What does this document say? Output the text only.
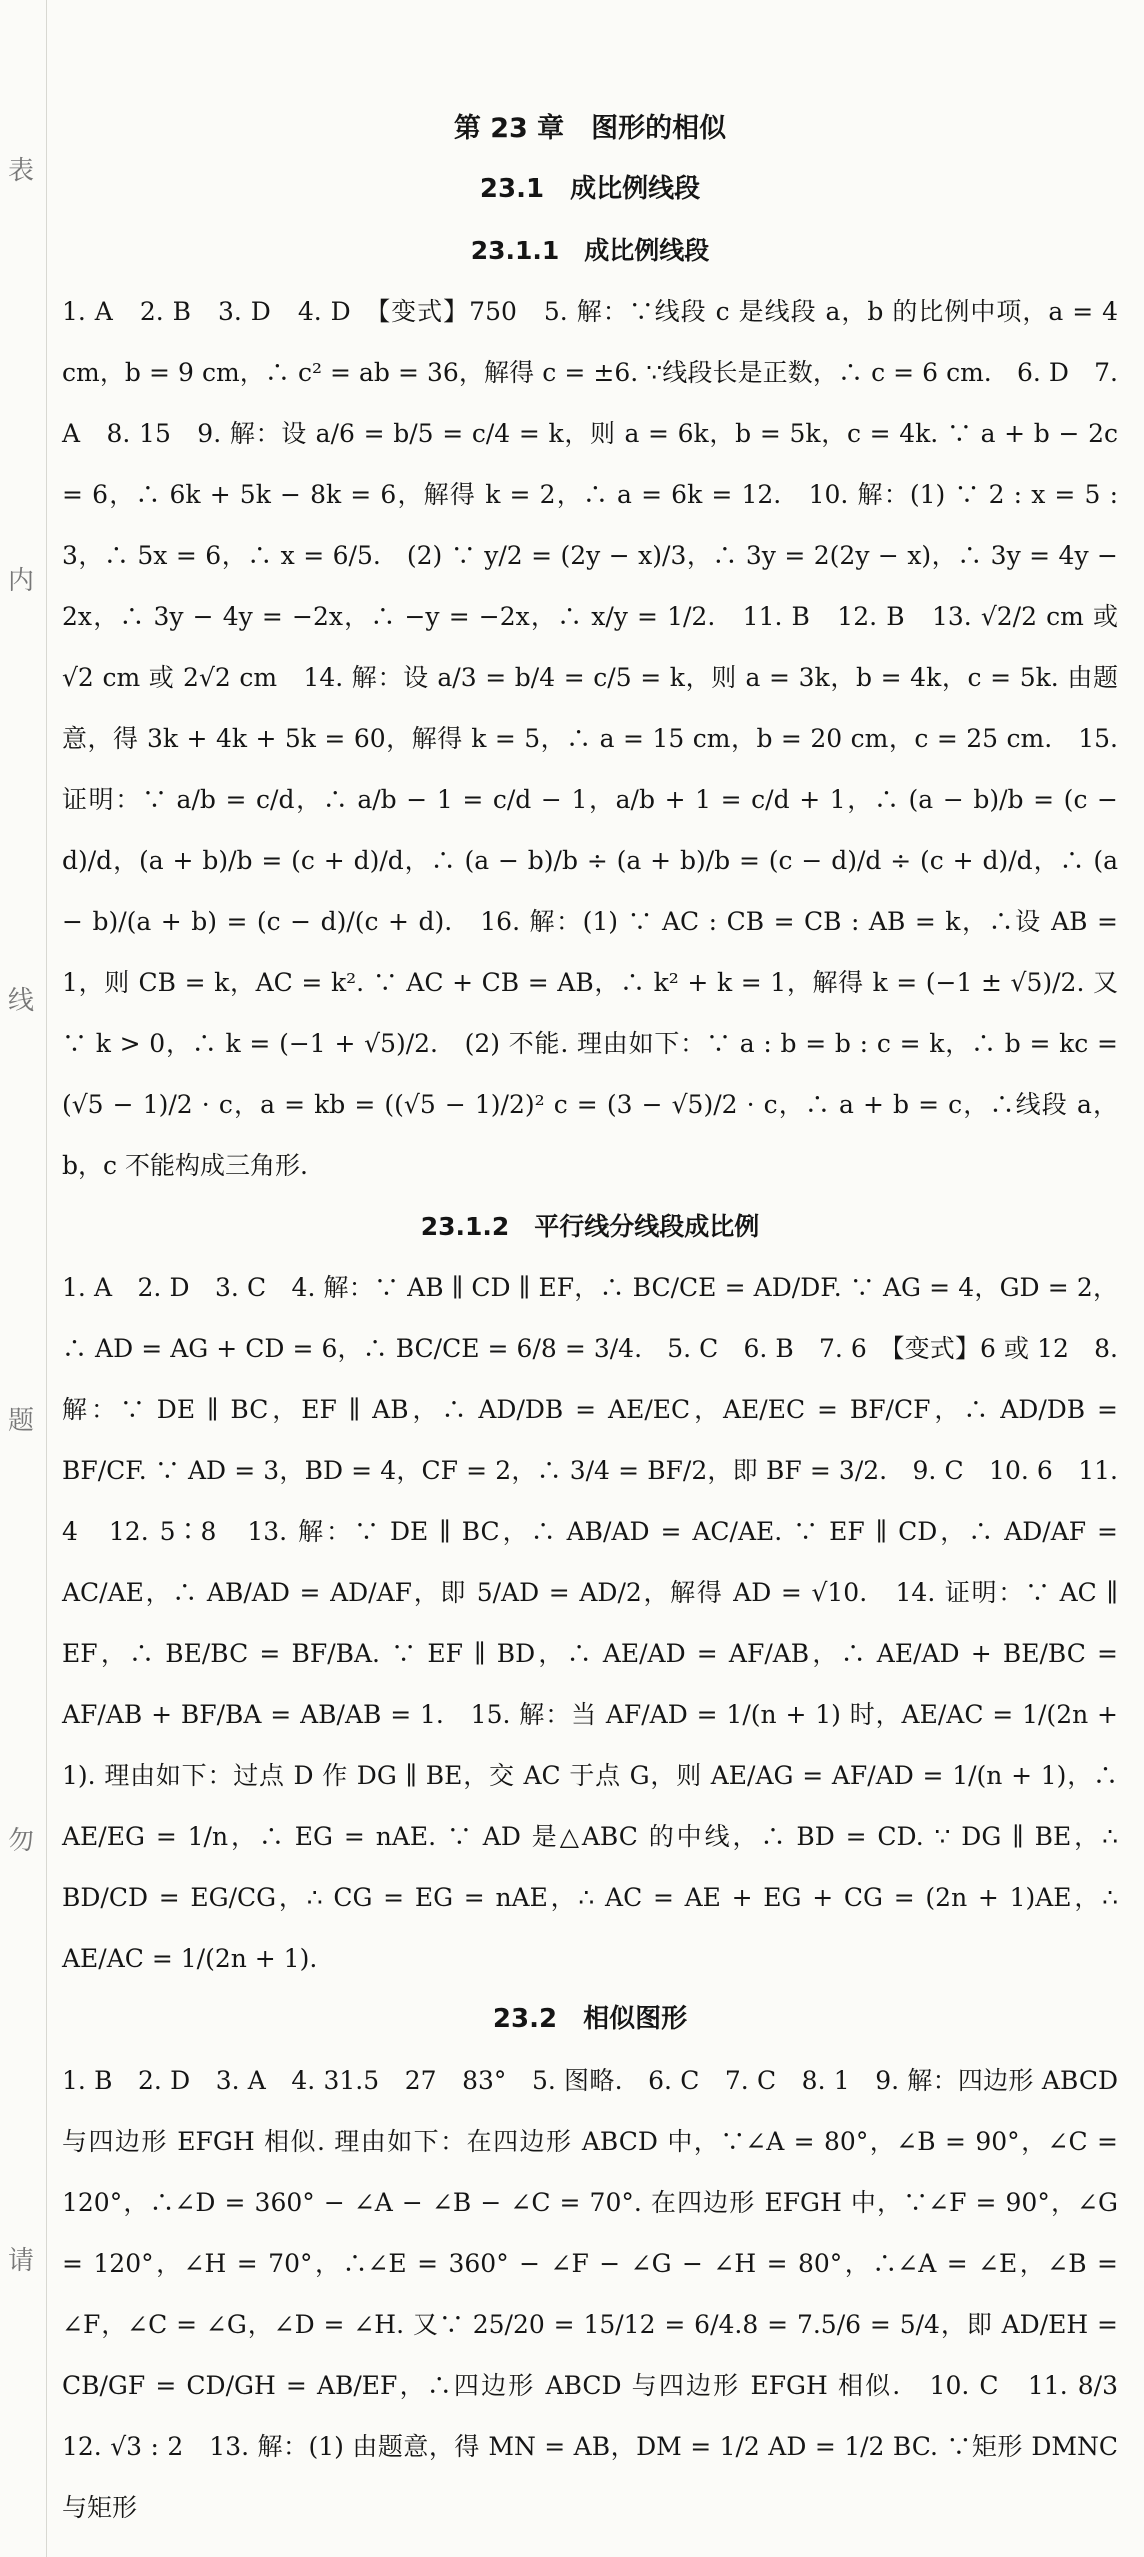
表
内
线
题
勿
请
第 23 章　图形的相似
23.1　成比例线段
23.1.1　成比例线段

1. A　2. B　3. D　4. D　【变式】750　5. 解：∵线段 c 是线段 a，b 的比例中项，a = 4 cm，b = 9 cm，∴ c² = ab = 36，解得 c = ±6. ∵线段长是正数，∴ c = 6 cm.　6. D　7. A　8. 15　9. 解：设 a/6 = b/5 = c/4 = k，则 a = 6k，b = 5k，c = 4k. ∵ a + b − 2c = 6，∴ 6k + 5k − 8k = 6，解得 k = 2，∴ a = 6k = 12.　10. 解：(1) ∵ 2 : x = 5 : 3，∴ 5x = 6，∴ x = 6/5.　(2) ∵ y/2 = (2y − x)/3，∴ 3y = 2(2y − x)，∴ 3y = 4y − 2x，∴ 3y − 4y = −2x，∴ −y = −2x，∴ x/y = 1/2.　11. B　12. B　13. √2/2 cm 或 √2 cm 或 2√2 cm　14. 解：设 a/3 = b/4 = c/5 = k，则 a = 3k，b = 4k，c = 5k. 由题意，得 3k + 4k + 5k = 60，解得 k = 5，∴ a = 15 cm，b = 20 cm，c = 25 cm.　15. 证明：∵ a/b = c/d，∴ a/b − 1 = c/d − 1，a/b + 1 = c/d + 1，∴ (a − b)/b = (c − d)/d，(a + b)/b = (c + d)/d，∴ (a − b)/b ÷ (a + b)/b = (c − d)/d ÷ (c + d)/d，∴ (a − b)/(a + b) = (c − d)/(c + d).　16. 解：(1) ∵ AC : CB = CB : AB = k，∴设 AB = 1，则 CB = k，AC = k². ∵ AC + CB = AB，∴ k² + k = 1，解得 k = (−1 ± √5)/2. 又∵ k > 0，∴ k = (−1 + √5)/2.　(2) 不能. 理由如下：∵ a : b = b : c = k，∴ b = kc = (√5 − 1)/2 · c，a = kb = ((√5 − 1)/2)² c = (3 − √5)/2 · c，∴ a + b = c，∴线段 a，b，c 不能构成三角形.

23.1.2　平行线分线段成比例

1. A　2. D　3. C　4. 解：∵ AB ∥ CD ∥ EF，∴ BC/CE = AD/DF. ∵ AG = 4，GD = 2，∴ AD = AG + CD = 6，∴ BC/CE = 6/8 = 3/4.　5. C　6. B　7. 6　【变式】6 或 12　8. 解：∵ DE ∥ BC，EF ∥ AB，∴ AD/DB = AE/EC，AE/EC = BF/CF，∴ AD/DB = BF/CF. ∵ AD = 3，BD = 4，CF = 2，∴ 3/4 = BF/2，即 BF = 3/2.　9. C　10. 6　11. 4　12. 5∶8　13. 解：∵ DE ∥ BC，∴ AB/AD = AC/AE. ∵ EF ∥ CD，∴ AD/AF = AC/AE，∴ AB/AD = AD/AF，即 5/AD = AD/2，解得 AD = √10.　14. 证明：∵ AC ∥ EF，∴ BE/BC = BF/BA. ∵ EF ∥ BD，∴ AE/AD = AF/AB，∴ AE/AD + BE/BC = AF/AB + BF/BA = AB/AB = 1.　15. 解：当 AF/AD = 1/(n + 1) 时，AE/AC = 1/(2n + 1). 理由如下：过点 D 作 DG ∥ BE，交 AC 于点 G，则 AE/AG = AF/AD = 1/(n + 1)，∴ AE/EG = 1/n，∴ EG = nAE. ∵ AD 是△ABC 的中线，∴ BD = CD. ∵ DG ∥ BE，∴ BD/CD = EG/CG，∴ CG = EG = nAE，∴ AC = AE + EG + CG = (2n + 1)AE，∴ AE/AC = 1/(2n + 1).

23.2　相似图形

1. B　2. D　3. A　4. 31.5　27　83°　5. 图略.　6. C　7. C　8. 1　9. 解：四边形 ABCD 与四边形 EFGH 相似. 理由如下：在四边形 ABCD 中，∵∠A = 80°，∠B = 90°，∠C = 120°，∴∠D = 360° − ∠A − ∠B − ∠C = 70°. 在四边形 EFGH 中，∵∠F = 90°，∠G = 120°，∠H = 70°，∴∠E = 360° − ∠F − ∠G − ∠H = 80°，∴∠A = ∠E，∠B = ∠F，∠C = ∠G，∠D = ∠H. 又∵ 25/20 = 15/12 = 6/4.8 = 7.5/6 = 5/4，即 AD/EH = CB/GF = CD/GH = AB/EF，∴四边形 ABCD 与四边形 EFGH 相似.　10. C　11. 8/3　12. √3 : 2　13. 解：(1) 由题意，得 MN = AB，DM = 1/2 AD = 1/2 BC. ∵矩形 DMNC 与矩形
